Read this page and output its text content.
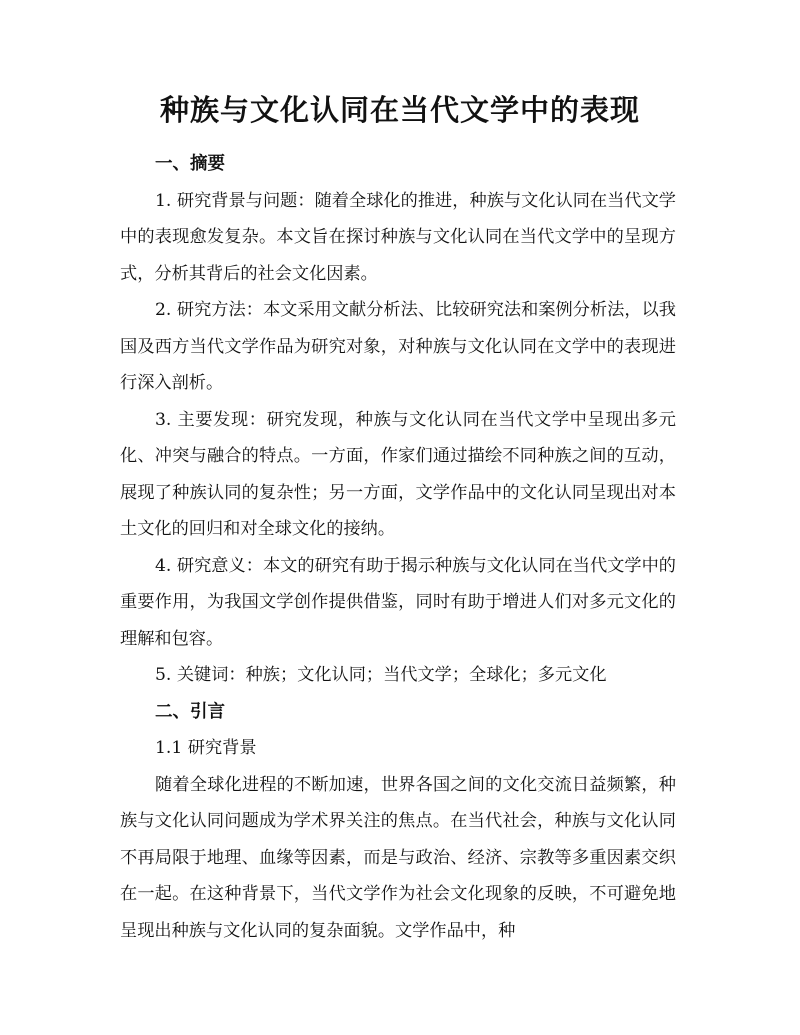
种族与文化认同在当代文学中的表现

一、摘要

1. 研究背景与问题：随着全球化的推进，种族与文化认同在当代文学中的表现愈发复杂。本文旨在探讨种族与文化认同在当代文学中的呈现方式，分析其背后的社会文化因素。

2. 研究方法：本文采用文献分析法、比较研究法和案例分析法，以我国及西方当代文学作品为研究对象，对种族与文化认同在文学中的表现进行深入剖析。

3. 主要发现：研究发现，种族与文化认同在当代文学中呈现出多元化、冲突与融合的特点。一方面，作家们通过描绘不同种族之间的互动，展现了种族认同的复杂性；另一方面，文学作品中的文化认同呈现出对本土文化的回归和对全球文化的接纳。

4. 研究意义：本文的研究有助于揭示种族与文化认同在当代文学中的重要作用，为我国文学创作提供借鉴，同时有助于增进人们对多元文化的理解和包容。

5. 关键词：种族；文化认同；当代文学；全球化；多元文化

二、引言

1.1 研究背景

随着全球化进程的不断加速，世界各国之间的文化交流日益频繁，种族与文化认同问题成为学术界关注的焦点。在当代社会，种族与文化认同不再局限于地理、血缘等因素，而是与政治、经济、宗教等多重因素交织在一起。在这种背景下，当代文学作为社会文化现象的反映，不可避免地呈现出种族与文化认同的复杂面貌。文学作品中，种
